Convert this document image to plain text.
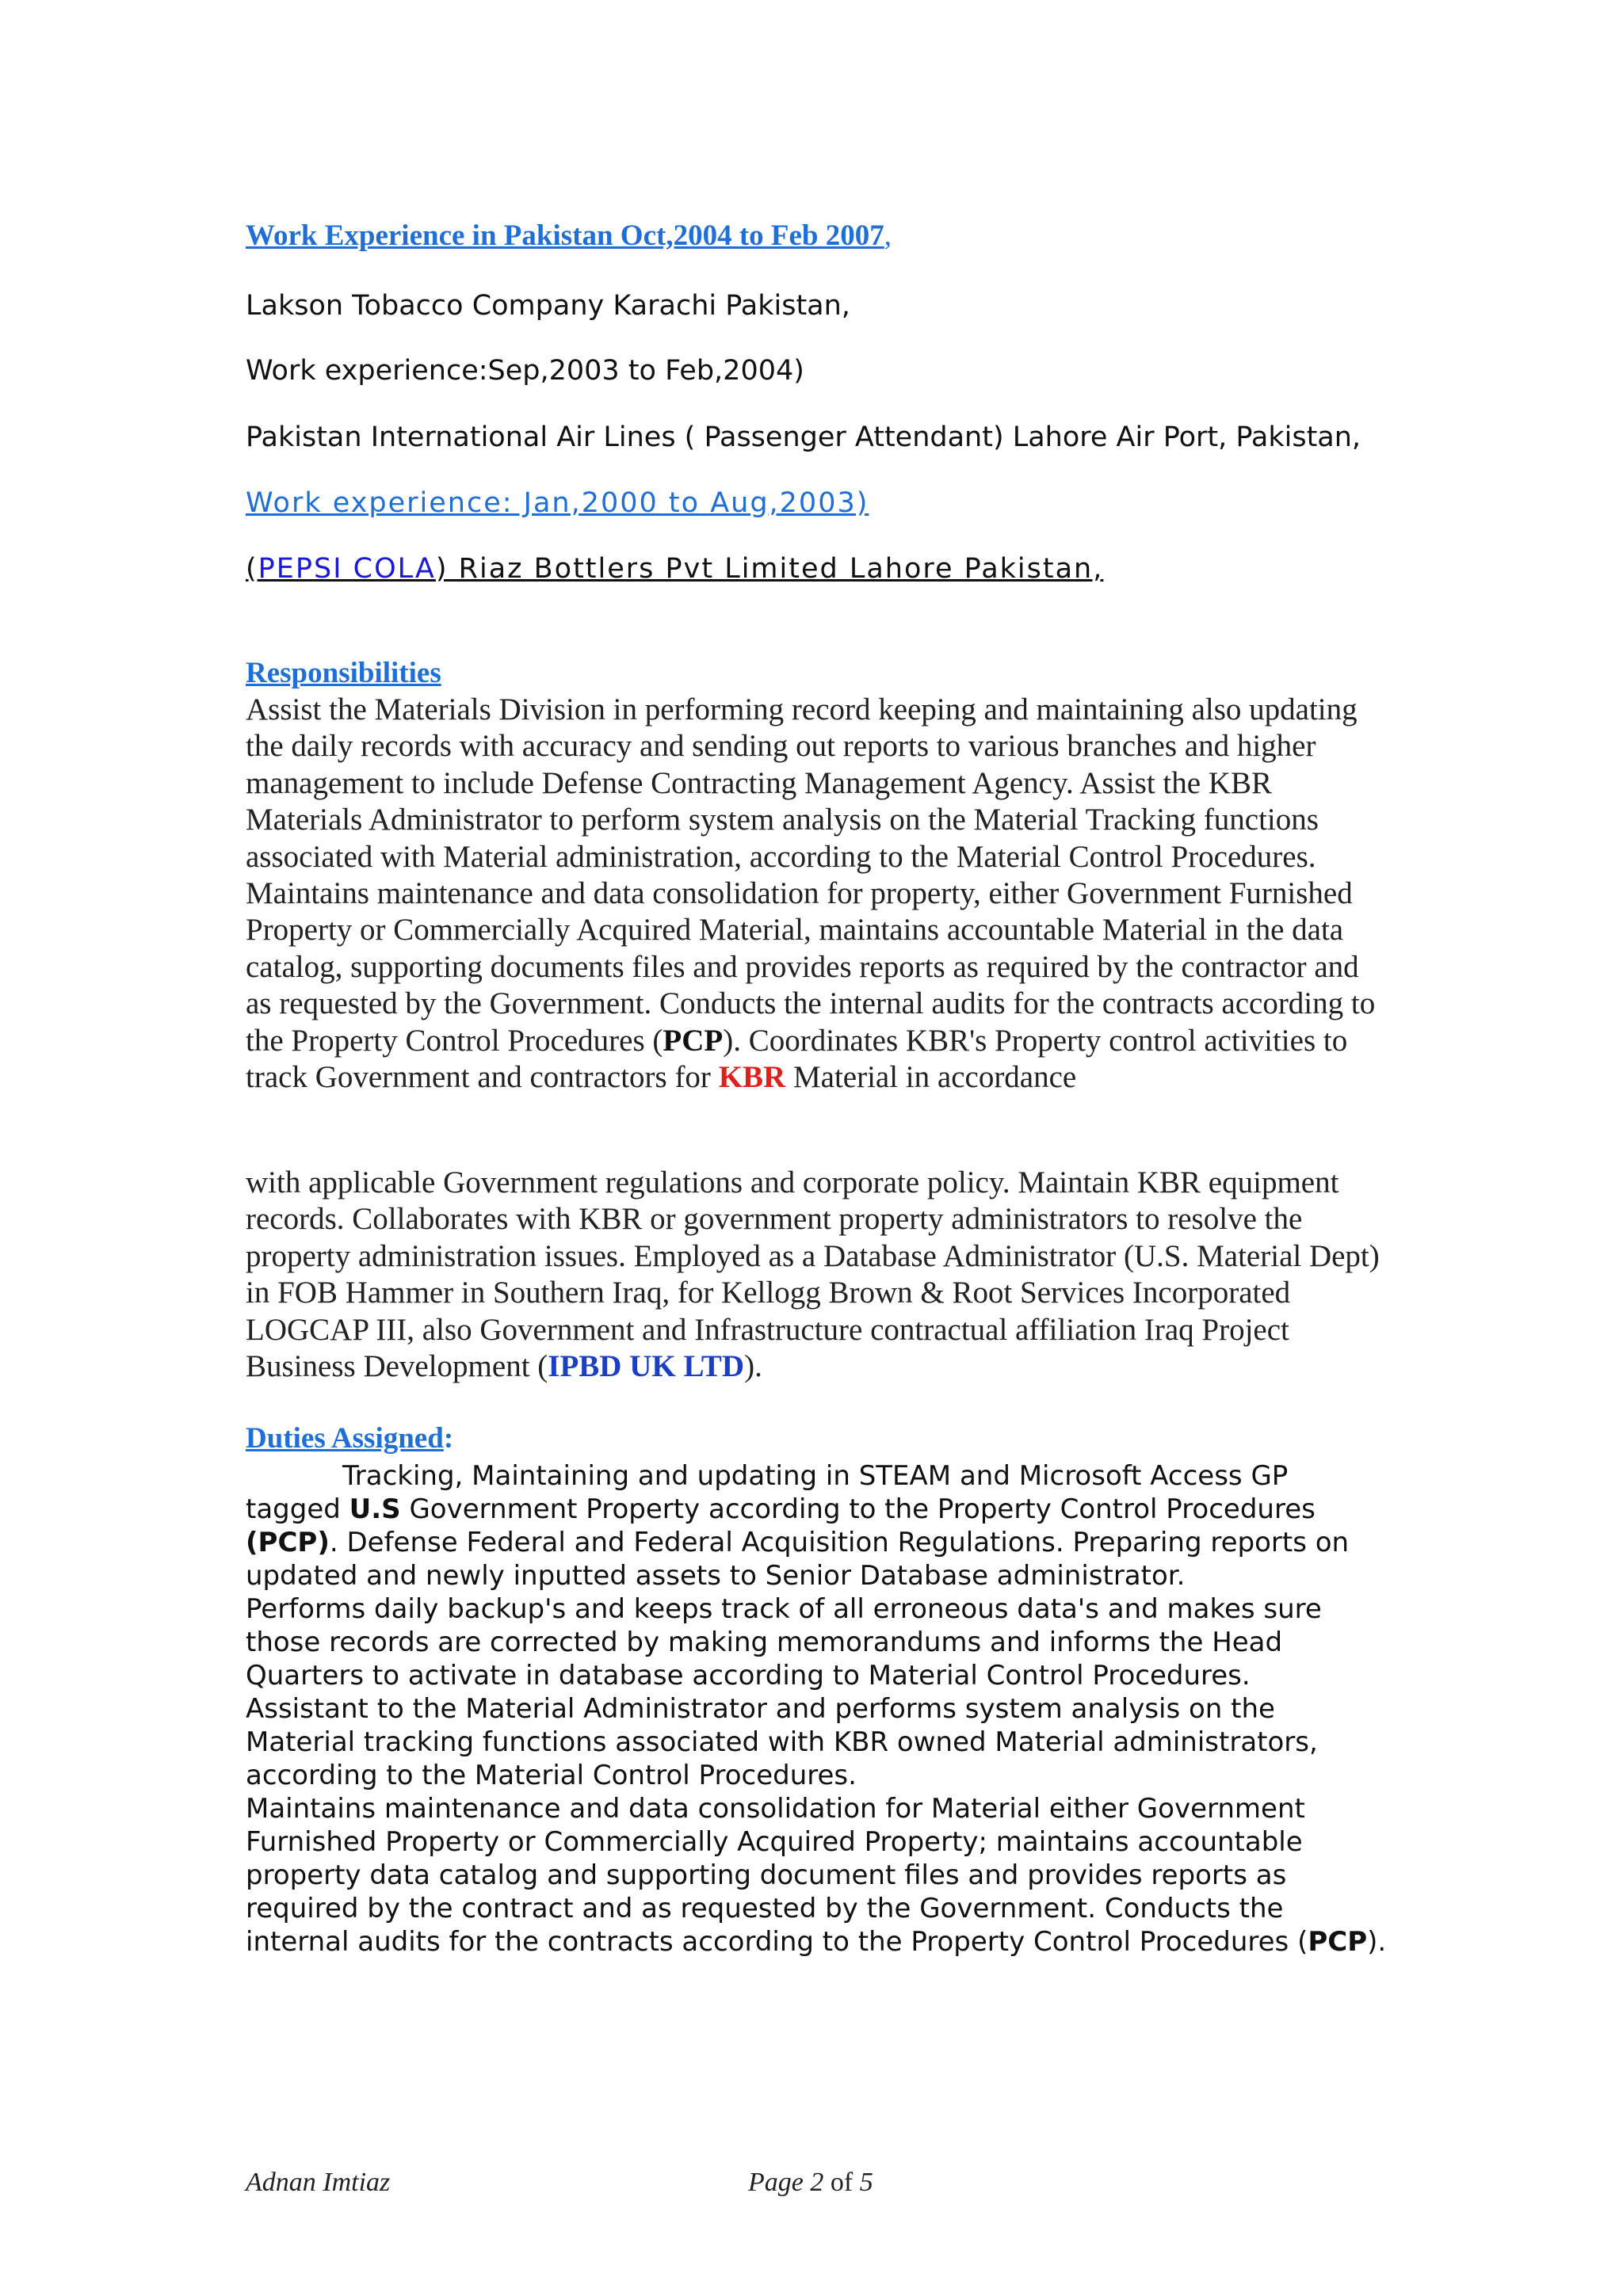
Work Experience in Pakistan Oct,2004 to Feb 2007,
Lakson Tobacco Company Karachi Pakistan,
Work experience:Sep,2003 to Feb,2004)
Pakistan International Air Lines ( Passenger Attendant) Lahore Air Port, Pakistan,
Work experience: Jan,2000 to Aug,2003)
(PEPSI COLA) Riaz Bottlers Pvt Limited Lahore Pakistan,
Responsibilities
Assist the Materials Division in performing record keeping and maintaining also updating the daily records with accuracy and sending out reports to various branches and higher management to include Defense Contracting Management Agency. Assist the KBR Materials Administrator to perform system analysis on the Material Tracking functions associated with Material administration, according to the Material Control Procedures. Maintains maintenance and data consolidation for property, either Government Furnished Property or Commercially Acquired Material, maintains accountable Material in the data catalog, supporting documents files and provides reports as required by the contractor and as requested by the Government. Conducts the internal audits for the contracts according to the Property Control Procedures (PCP). Coordinates KBR's Property control activities to track Government and contractors for KBR Material in accordance
with applicable Government regulations and corporate policy. Maintain KBR equipment records. Collaborates with KBR or government property administrators to resolve the property administration issues. Employed as a Database Administrator (U.S. Material Dept) in FOB Hammer in Southern Iraq, for Kellogg Brown & Root Services Incorporated LOGCAP III, also Government and Infrastructure contractual affiliation Iraq Project Business Development (IPBD UK LTD).
Duties Assigned:
Tracking, Maintaining and updating in STEAM and Microsoft Access GP tagged U.S Government Property according to the Property Control Procedures (PCP). Defense Federal and Federal Acquisition Regulations. Preparing reports on updated and newly inputted assets to Senior Database administrator.
Performs daily backup's and keeps track of all erroneous data's and makes sure those records are corrected by making memorandums and informs the Head Quarters to activate in database according to Material Control Procedures.
Assistant to the Material Administrator and performs system analysis on the Material tracking functions associated with KBR owned Material administrators, according to the Material Control Procedures.
Maintains maintenance and data consolidation for Material either Government Furnished Property or Commercially Acquired Property; maintains accountable property data catalog and supporting document files and provides reports as required by the contract and as requested by the Government. Conducts the internal audits for the contracts according to the Property Control Procedures (PCP).
Adnan Imtiaz	Page 2 of 5
